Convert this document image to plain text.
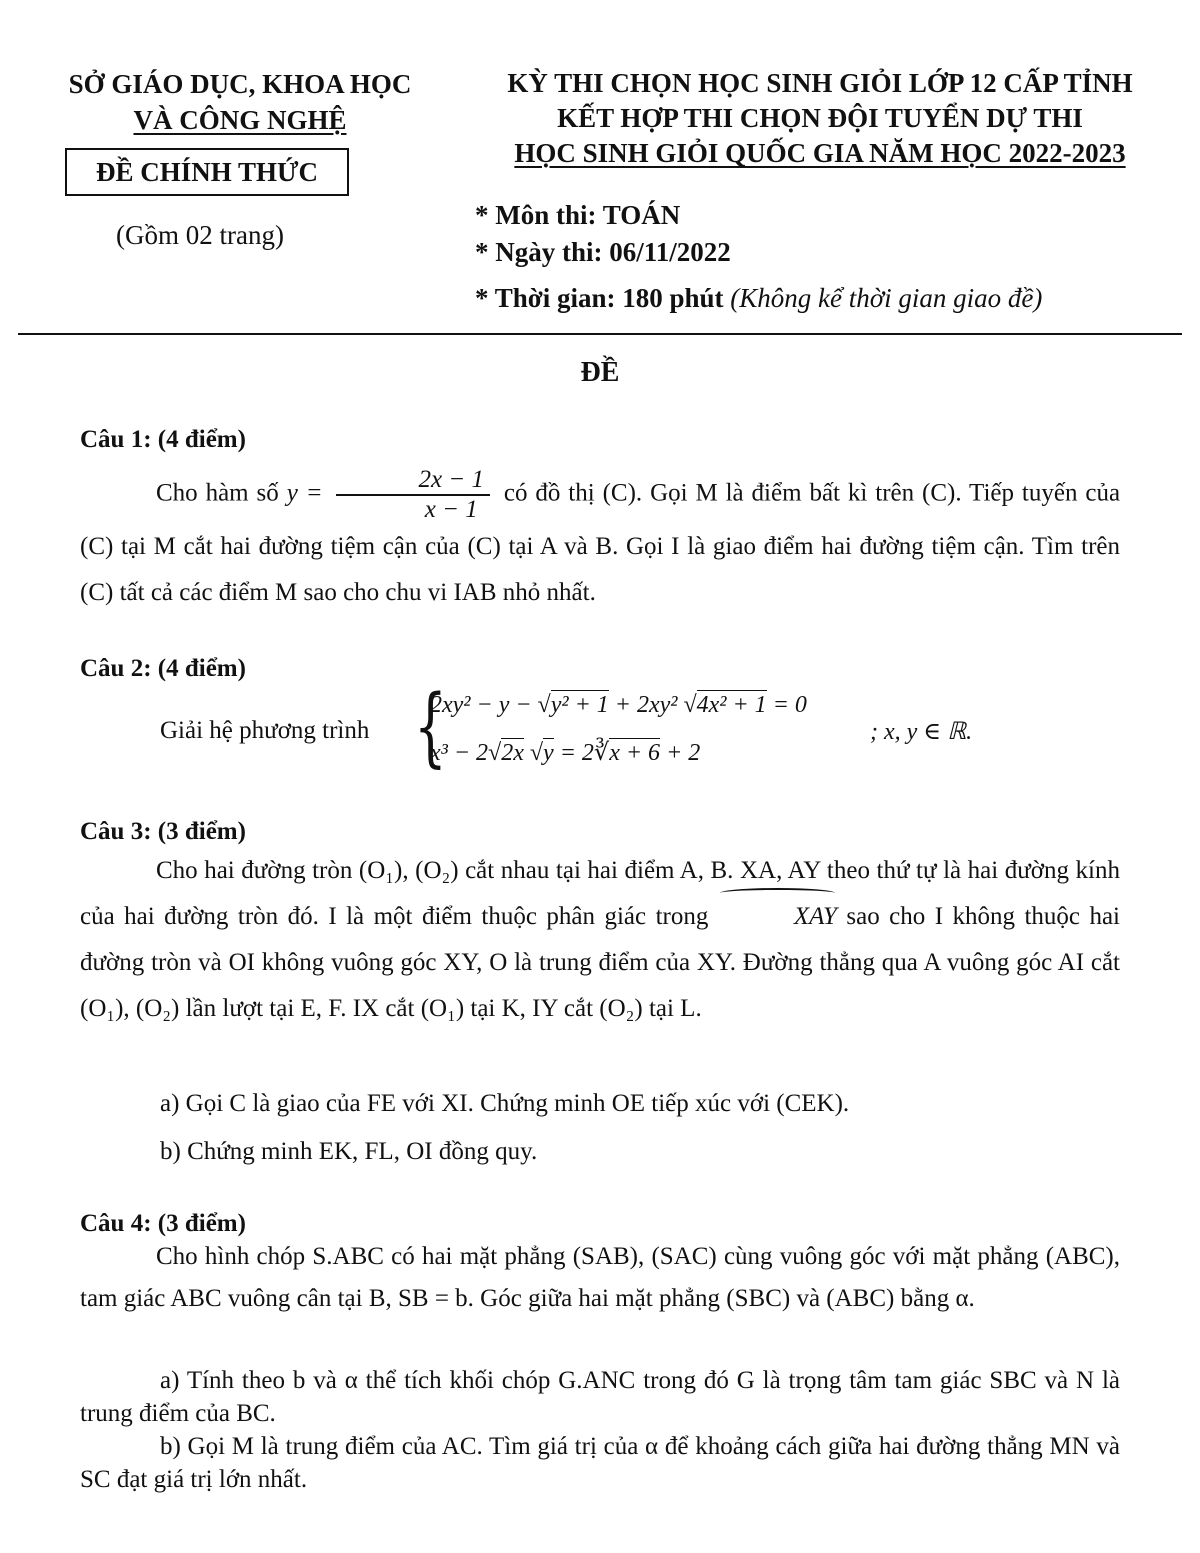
SỞ GIÁO DỤC, KHOA HỌC
VÀ CÔNG NGHỆ
ĐỀ CHÍNH THỨC
(Gồm 02 trang)
KỲ THI CHỌN HỌC SINH GIỎI LỚP 12 CẤP TỈNH
KẾT HỢP THI CHỌN ĐỘI TUYỂN DỰ THI
HỌC SINH GIỎI QUỐC GIA NĂM HỌC 2022-2023
* Môn thi: TOÁN
* Ngày thi: 06/11/2022
* Thời gian: 180 phút (Không kể thời gian giao đề)
ĐỀ
Câu 1: (4 điểm)
Cho hàm số $y = \frac{2x - 1}{x - 1}$ có đồ thị (C). Gọi M là điểm bất kì trên (C). Tiếp tuyến của (C) tại M cắt hai đường tiệm cận của (C) tại A và B. Gọi I là giao điểm hai đường tiệm cận. Tìm trên (C) tất cả các điểm M sao cho chu vi IAB nhỏ nhất.
Câu 2: (4 điểm)
Giải hệ phương trình {
2xy² − y − √y² + 1 + 2xy² √4x² + 1 = 0
x³ − 2√2x √y = 2∛x + 6 + 2
; x, y ∈ ℝ.
Câu 3: (3 điểm)
Cho hai đường tròn (O₁), (O₂) cắt nhau tại hai điểm A, B. XA, AY theo thứ tự là hai đường kính của hai đường tròn đó. I là một điểm thuộc phân giác trong	XAY sao cho I không thuộc hai đường tròn và OI không vuông góc XY, O là trung điểm của XY. Đường thẳng qua A vuông góc AI cắt (O₁), (O₂) lần lượt tại E, F. IX cắt (O₁) tại K, IY cắt (O₂) tại L.
a) Gọi C là giao của FE với XI. Chứng minh OE tiếp xúc với (CEK).
b) Chứng minh EK, FL, OI đồng quy.
Câu 4: (3 điểm)
Cho hình chóp S.ABC có hai mặt phẳng (SAB), (SAC) cùng vuông góc với mặt phẳng (ABC), tam giác ABC vuông cân tại B, SB = b. Góc giữa hai mặt phẳng (SBC) và (ABC) bằng α.
a) Tính theo b và α thể tích khối chóp G.ANC trong đó G là trọng tâm tam giác SBC và N là trung điểm của BC.
b) Gọi M là trung điểm của AC. Tìm giá trị của α để khoảng cách giữa hai đường thẳng MN và SC đạt giá trị lớn nhất.
